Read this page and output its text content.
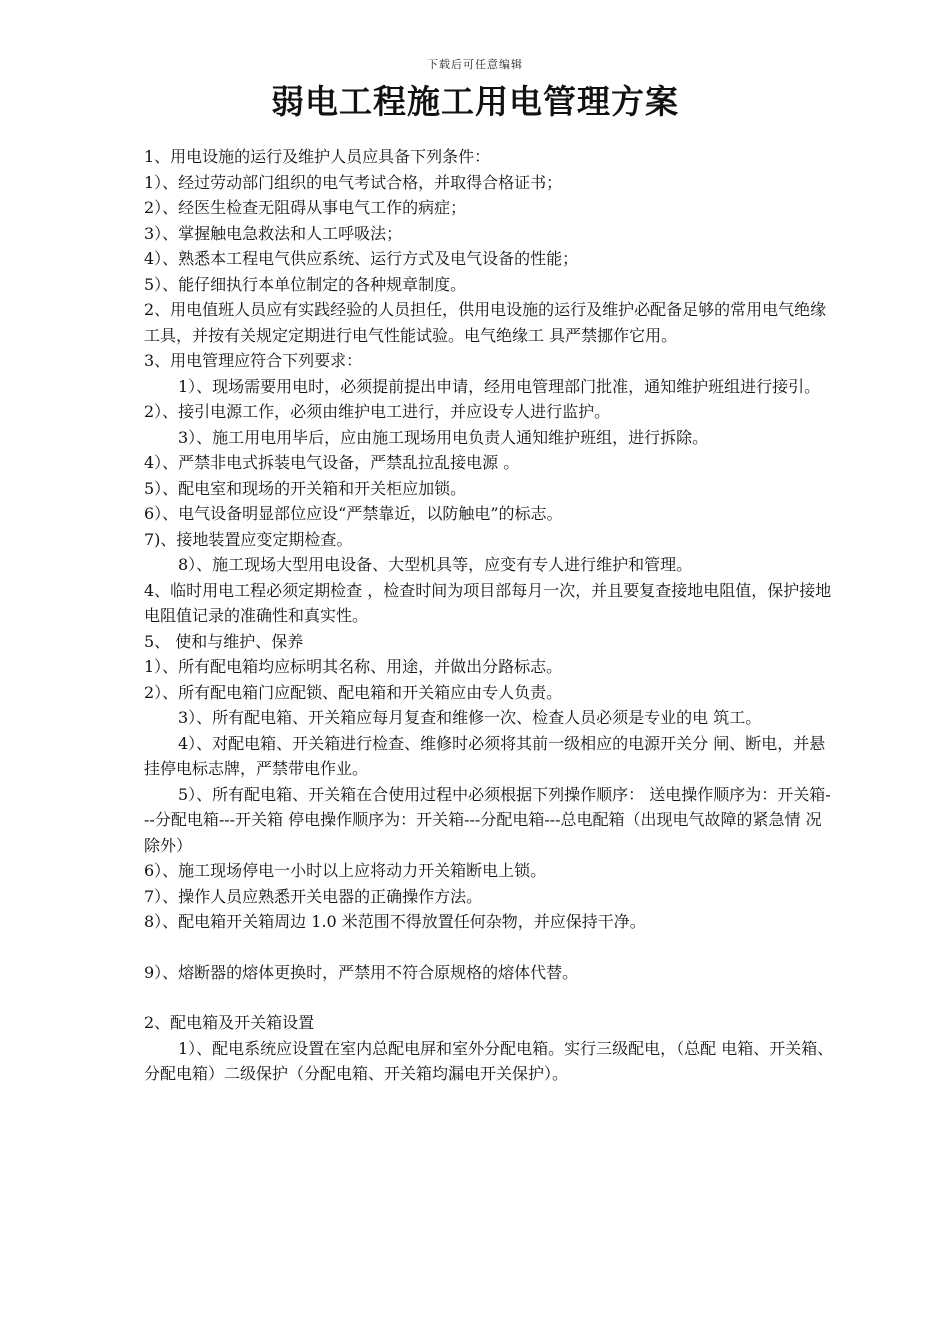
下载后可任意编辑
弱电工程施工用电管理方案

1、用电设施的运行及维护人员应具备下列条件：

1）、经过劳动部门组织的电气考试合格，并取得合格证书；

2）、经医生检查无阻碍从事电气工作的病症；

3）、掌握触电急救法和人工呼吸法；

4）、熟悉本工程电气供应系统、运行方式及电气设备的性能；

5）、能仔细执行本单位制定的各种规章制度。

2、用电值班人员应有实践经验的人员担任，供用电设施的运行及维护必配备足够的常用电气绝缘工具，并按有关规定定期进行电气性能试验。电气绝缘工 具严禁挪作它用。

3、用电管理应符合下列要求：

1）、现场需要用电时，必须提前提出申请，经用电管理部门批准，通知维护班组进行接引。

2）、接引电源工作，必须由维护电工进行，并应设专人进行监护。

3）、施工用电用毕后，应由施工现场用电负责人通知维护班组，进行拆除。

4）、严禁非电式拆装电气设备，严禁乱拉乱接电源 。

5）、配电室和现场的开关箱和开关柜应加锁。

6）、电气设备明显部位应设“严禁靠近，以防触电”的标志。

7)、接地装置应变定期检查。

8）、施工现场大型用电设备、大型机具等，应变有专人进行维护和管理。

4、临时用电工程必须定期检查 ，检查时间为项目部每月一次，并且要复查接地电阻值，保护接地电阻值记录的准确性和真实性。

5、 使和与维护、保养

1）、所有配电箱均应标明其名称、用途，并做出分路标志。

2）、所有配电箱门应配锁、配电箱和开关箱应由专人负责。

3）、所有配电箱、开关箱应每月复查和维修一次、检查人员必须是专业的电 筑工。

4）、对配电箱、开关箱进行检查、维修时必须将其前一级相应的电源开关分 闸、断电，并悬挂停电标志牌，严禁带电作业。

5）、所有配电箱、开关箱在合使用过程中必须根据下列操作顺序： 送电操作顺序为：开关箱---分配电箱---开关箱 停电操作顺序为：开关箱---分配电箱---总电配箱（出现电气故障的紧急情 况除外）

6）、施工现场停电一小时以上应将动力开关箱断电上锁。

7）、操作人员应熟悉开关电器的正确操作方法。

8）、配电箱开关箱周边 1.0 米范围不得放置任何杂物，并应保持干净。

9）、熔断器的熔体更换时，严禁用不符合原规格的熔体代替。

2、配电箱及开关箱设置

1）、配电系统应设置在室内总配电屏和室外分配电箱。实行三级配电，（总配 电箱、开关箱、分配电箱）二级保护（分配电箱、开关箱均漏电开关保护）。
